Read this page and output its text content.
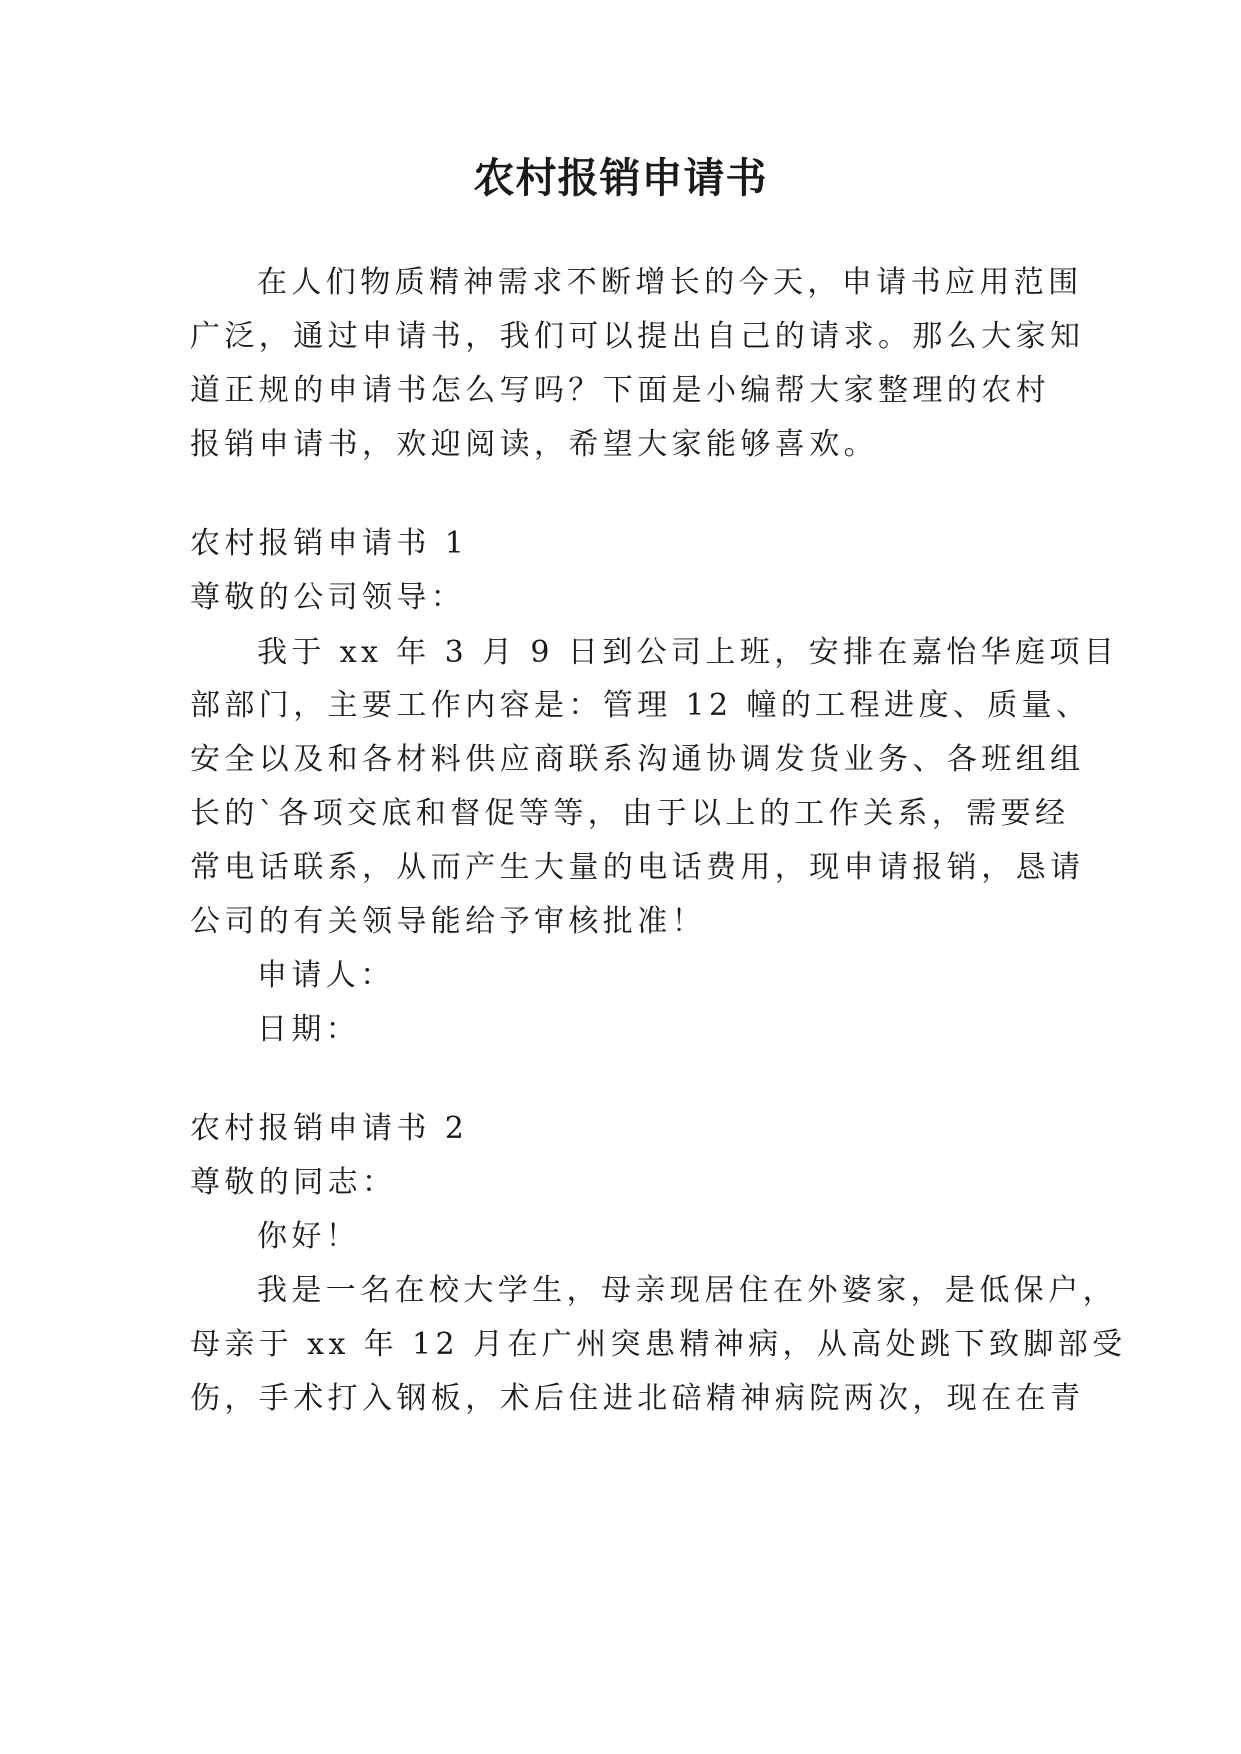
农村报销申请书

在人们物质精神需求不断增长的今天，申请书应用范围

广泛，通过申请书，我们可以提出自己的请求。那么大家知

道正规的申请书怎么写吗？下面是小编帮大家整理的农村

报销申请书，欢迎阅读，希望大家能够喜欢。

农村报销申请书 1

尊敬的公司领导：

我于 xx 年 3 月 9 日到公司上班，安排在嘉怡华庭项目

部部门，主要工作内容是：管理 12 幢的工程进度、质量、

安全以及和各材料供应商联系沟通协调发货业务、各班组组

长的`各项交底和督促等等，由于以上的工作关系，需要经

常电话联系，从而产生大量的电话费用，现申请报销，恳请

公司的有关领导能给予审核批准！

申请人：

日期：

农村报销申请书 2

尊敬的同志：

你好！

我是一名在校大学生，母亲现居住在外婆家，是低保户，

母亲于 xx 年 12 月在广州突患精神病，从高处跳下致脚部受

伤，手术打入钢板，术后住进北碚精神病院两次，现在在青
